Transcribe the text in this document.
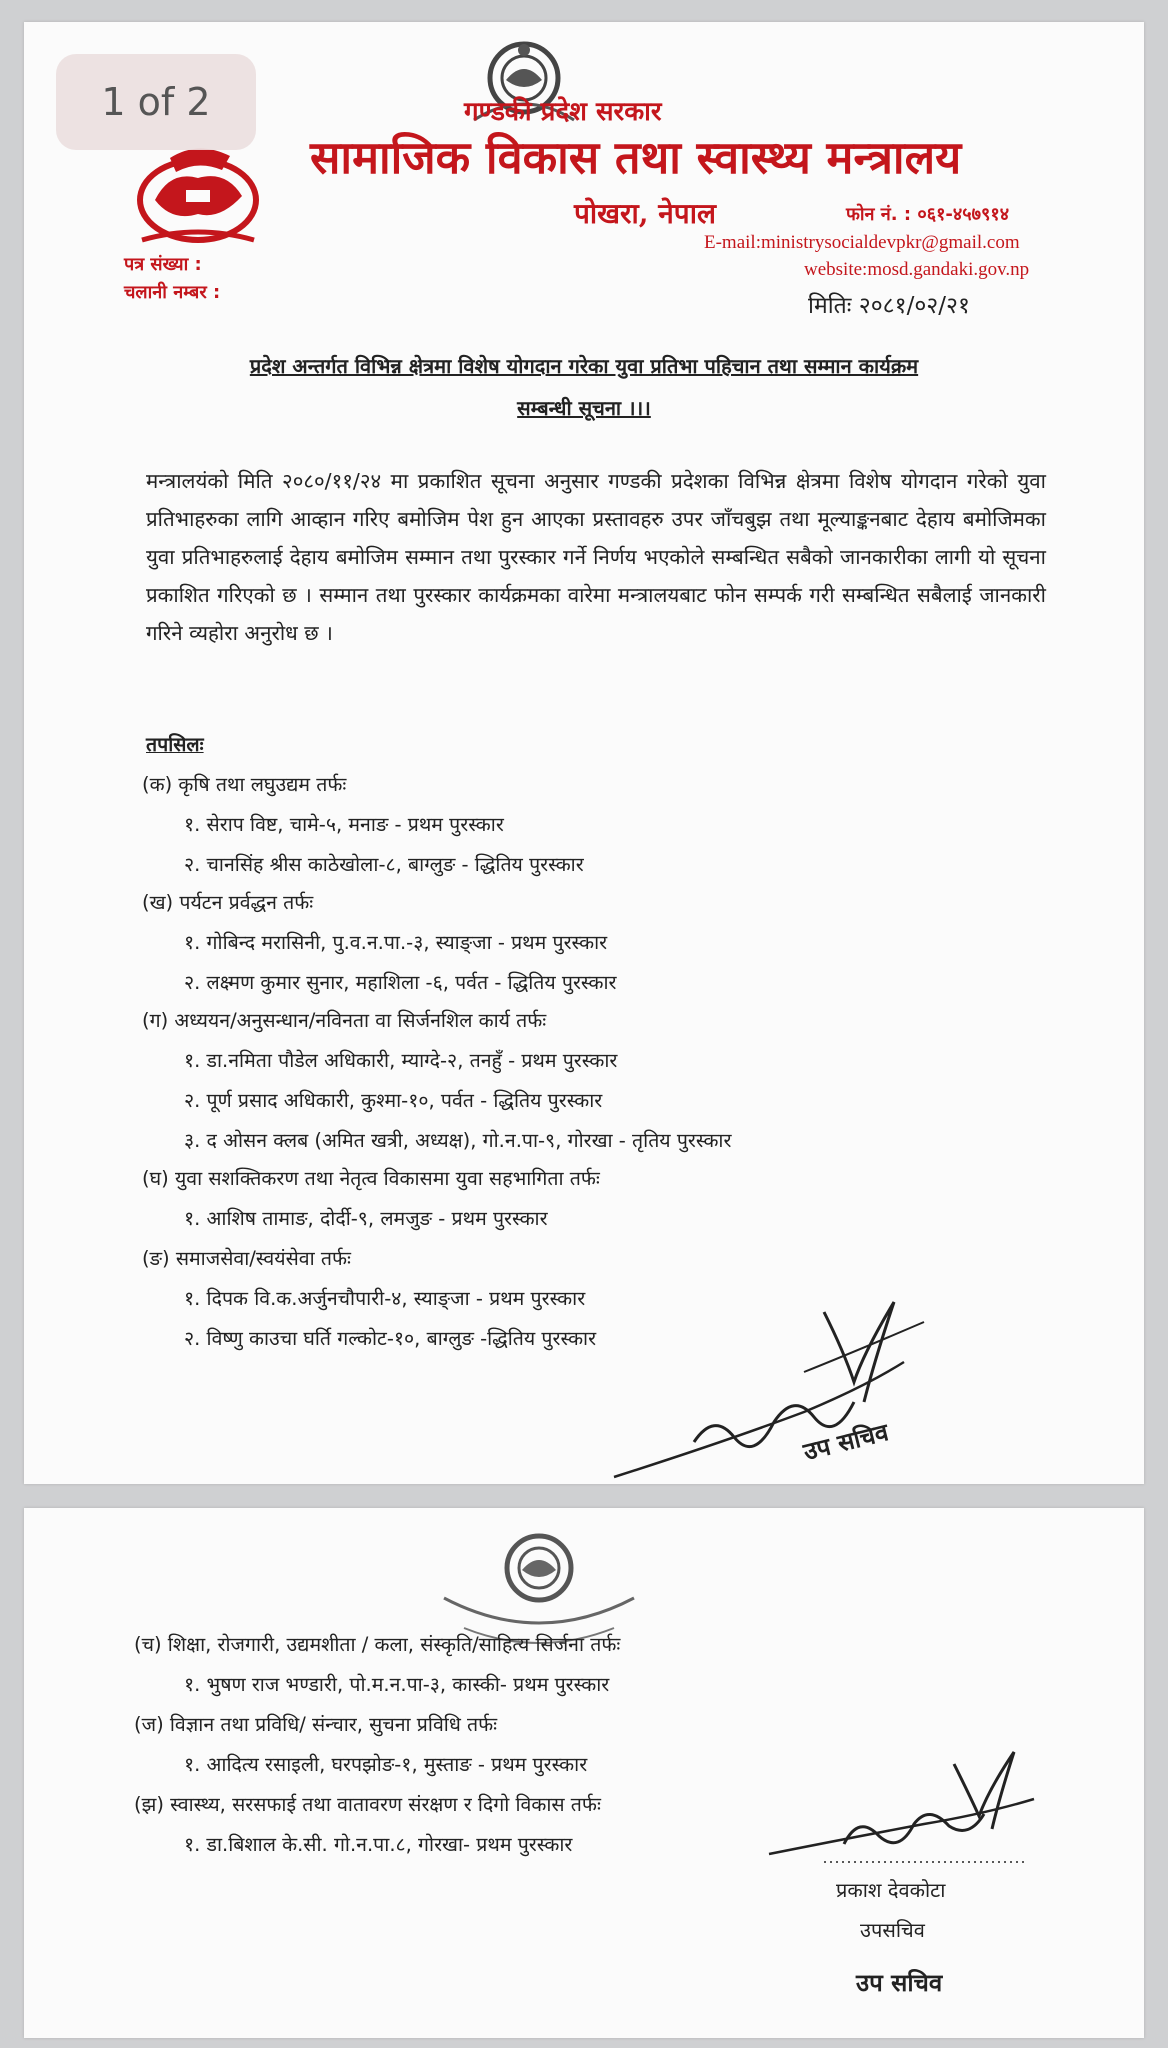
1 of 2	गण्डकी प्रदेश सरकार
सामाजिक विकास तथा स्वास्थ्य मन्त्रालय
पोखरा, नेपाल	फोन नं. : ०६१-४५७९१४
E-mail:ministrysocialdevpkr@gmail.com
website:mosd.gandaki.gov.np
पत्र संख्या :
चलानी नम्बर :
मितिः २०८१/०२/२१
प्रदेश अन्तर्गत विभिन्न क्षेत्रमा विशेष योगदान गरेका युवा प्रतिभा पहिचान तथा सम्मान कार्यक्रम
सम्बन्धी सूचना ।।।
मन्त्रालयंको मिति २०८०/११/२४ मा प्रकाशित सूचना अनुसार गण्डकी प्रदेशका विभिन्न क्षेत्रमा विशेष योगदान गरेको युवा प्रतिभाहरुका लागि आव्हान गरिए बमोजिम पेश हुन आएका प्रस्तावहरु उपर जाँचबुझ तथा मूल्याङ्कनबाट देहाय बमोजिमका युवा प्रतिभाहरुलाई देहाय बमोजिम सम्मान तथा पुरस्कार गर्ने निर्णय भएकोले सम्बन्धित सबैको जानकारीका लागी यो सूचना प्रकाशित गरिएको छ । सम्मान तथा पुरस्कार कार्यक्रमका वारेमा मन्त्रालयबाट फोन सम्पर्क गरी सम्बन्धित सबैलाई जानकारी गरिने व्यहोरा अनुरोध छ ।
तपसिलः
(क) कृषि तथा लघुउद्यम तर्फः
१. सेराप विष्ट, चामे-५, मनाङ - प्रथम पुरस्कार
२. चानसिंह श्रीस काठेखोला-८, बाग्लुङ - द्धितिय पुरस्कार
(ख) पर्यटन प्रर्वद्धन तर्फः
१. गोबिन्द मरासिनी, पु.व.न.पा.-३, स्याङ्जा - प्रथम पुरस्कार
२. लक्ष्मण कुमार सुनार, महाशिला -६, पर्वत - द्धितिय पुरस्कार
(ग) अध्ययन/अनुसन्धान/नविनता वा सिर्जनशिल कार्य तर्फः
१. डा.नमिता पौडेल अधिकारी, म्याग्दे-२, तनहुँ - प्रथम पुरस्कार
२. पूर्ण प्रसाद अधिकारी, कुश्मा-१०, पर्वत - द्धितिय पुरस्कार
३. द ओसन क्लब (अमित खत्री, अध्यक्ष), गो.न.पा-९, गोरखा - तृतिय पुरस्कार
(घ) युवा सशक्तिकरण तथा नेतृत्व विकासमा युवा सहभागिता तर्फः
१. आशिष तामाङ, दोर्दी-९, लमजुङ - प्रथम पुरस्कार
(ङ) समाजसेवा/स्वयंसेवा तर्फः
१. दिपक वि.क.अर्जुनचौपारी-४, स्याङ्जा - प्रथम पुरस्कार
२. विष्णु काउचा घर्ति गल्कोट-१०, बाग्लुङ -द्धितिय पुरस्कार
उप सचिव
(च) शिक्षा, रोजगारी, उद्यमशीता / कला, संस्कृति/साहित्य सिर्जना तर्फः
१. भुषण राज भण्डारी, पो.म.न.पा-३, कास्की- प्रथम पुरस्कार
(ज) विज्ञान तथा प्रविधि/ संन्चार, सुचना प्रविधि तर्फः
१. आदित्य रसाइली, घरपझोङ-१, मुस्ताङ - प्रथम पुरस्कार
(झ) स्वास्थ्य, सरसफाई तथा वातावरण संरक्षण र दिगो विकास तर्फः
१. डा.बिशाल के.सी. गो.न.पा.८, गोरखा- प्रथम पुरस्कार
प्रकाश देवकोटा
उपसचिव
उप सचिव
